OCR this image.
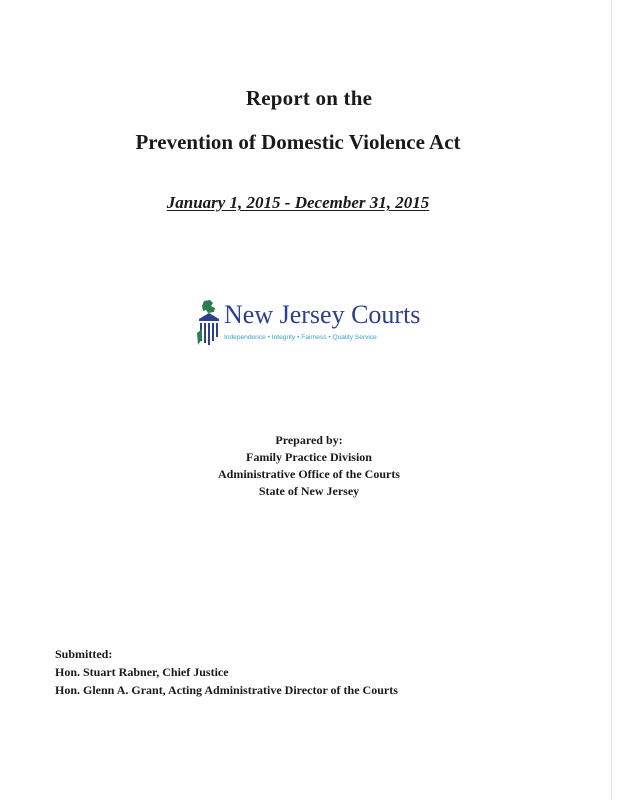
Report on the
Prevention of Domestic Violence Act
January 1, 2015 - December 31, 2015
New Jersey Courts
Independence • Integrity • Fairness • Quality Service
Prepared by:
Family Practice Division
Administrative Office of the Courts
State of New Jersey
Submitted:
Hon. Stuart Rabner, Chief Justice
Hon. Glenn A. Grant, Acting Administrative Director of the Courts
